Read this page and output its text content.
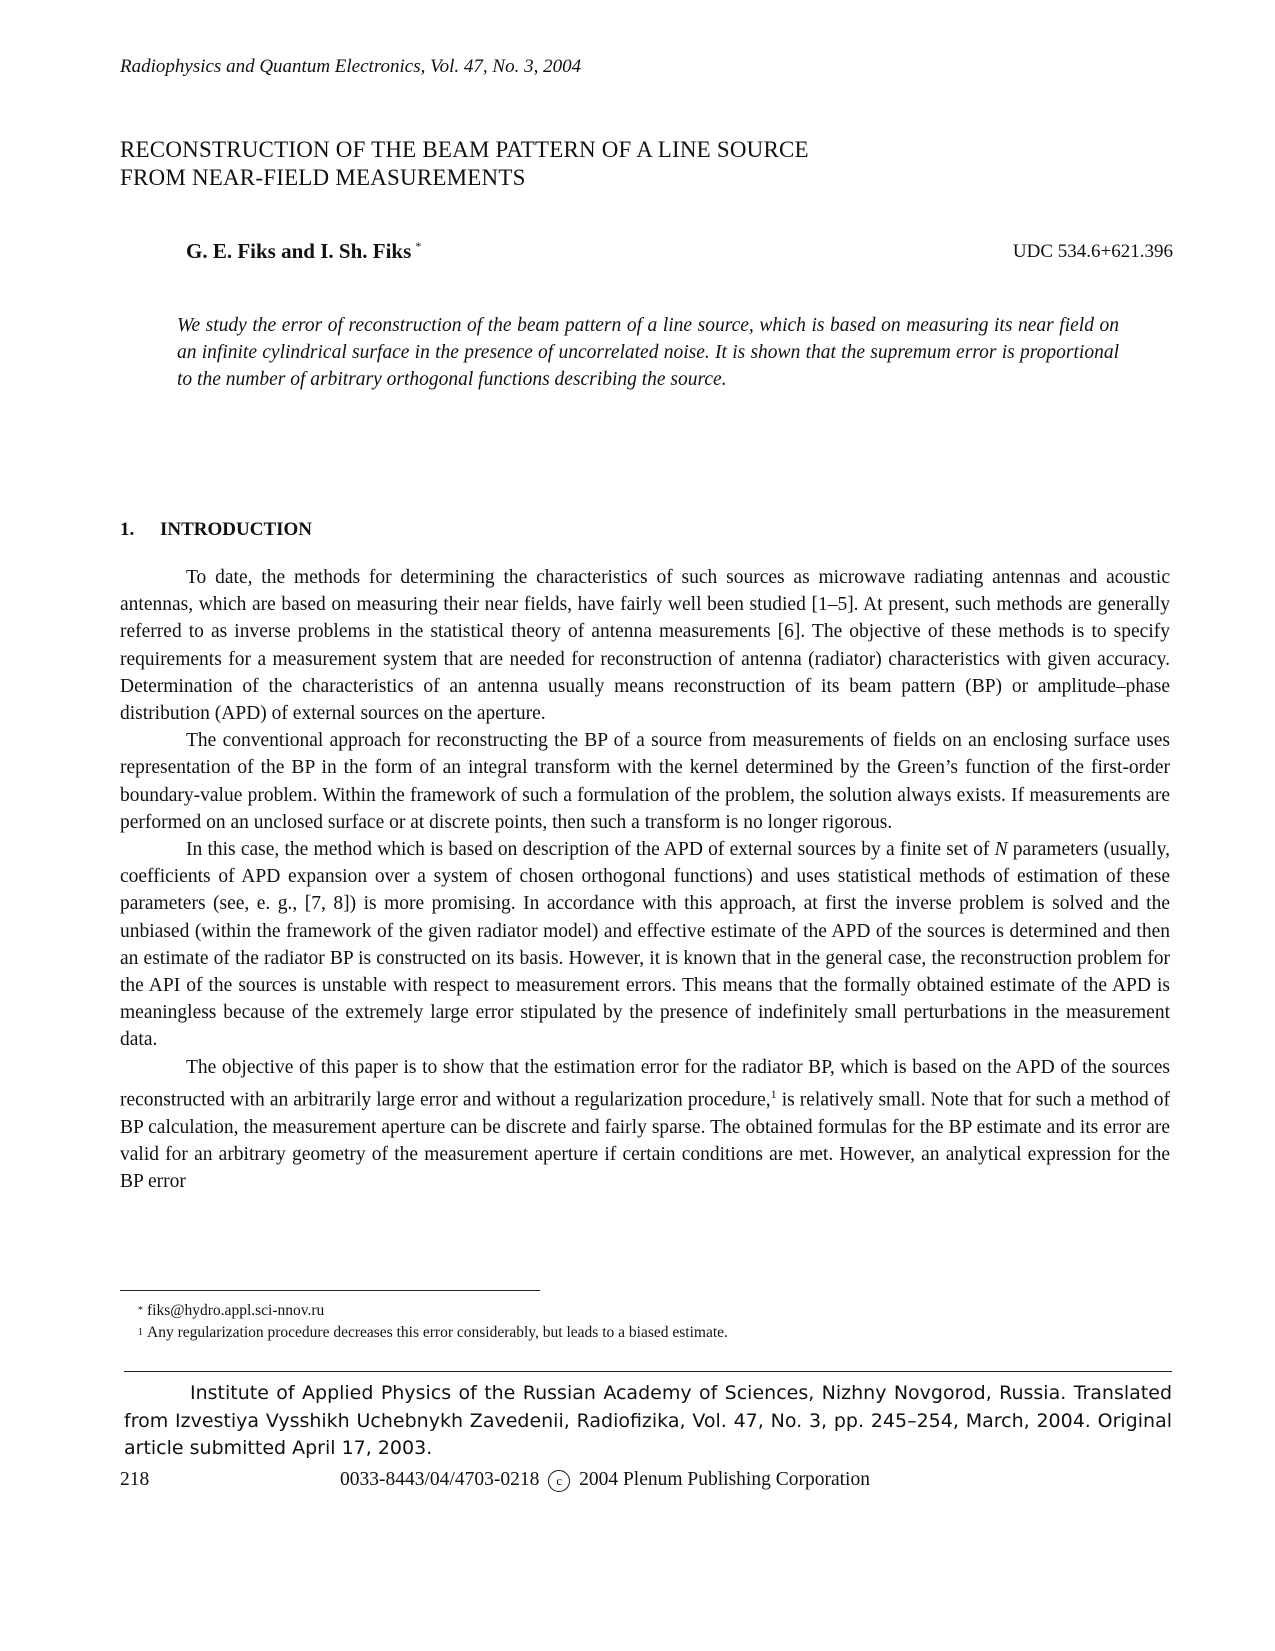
Radiophysics and Quantum Electronics, Vol. 47, No. 3, 2004
RECONSTRUCTION OF THE BEAM PATTERN OF A LINE SOURCE
FROM NEAR-FIELD MEASUREMENTS
G. E. Fiks and I. Sh. Fiks *	UDC 534.6+621.396
We study the error of reconstruction of the beam pattern of a line source, which is based on measuring its near field on an infinite cylindrical surface in the presence of uncorrelated noise. It is shown that the supremum error is proportional to the number of arbitrary orthogonal functions describing the source.
1. INTRODUCTION

To date, the methods for determining the characteristics of such sources as microwave radiating antennas and acoustic antennas, which are based on measuring their near fields, have fairly well been studied [1–5]. At present, such methods are generally referred to as inverse problems in the statistical theory of antenna measurements [6]. The objective of these methods is to specify requirements for a measurement system that are needed for reconstruction of antenna (radiator) characteristics with given accuracy. Determination of the characteristics of an antenna usually means reconstruction of its beam pattern (BP) or amplitude–phase distribution (APD) of external sources on the aperture.

The conventional approach for reconstructing the BP of a source from measurements of fields on an enclosing surface uses representation of the BP in the form of an integral transform with the kernel determined by the Green’s function of the first-order boundary-value problem. Within the framework of such a formulation of the problem, the solution always exists. If measurements are performed on an unclosed surface or at discrete points, then such a transform is no longer rigorous.

In this case, the method which is based on description of the APD of external sources by a finite set of N parameters (usually, coefficients of APD expansion over a system of chosen orthogonal functions) and uses statistical methods of estimation of these parameters (see, e. g., [7, 8]) is more promising. In accordance with this approach, at first the inverse problem is solved and the unbiased (within the framework of the given radiator model) and effective estimate of the APD of the sources is determined and then an estimate of the radiator BP is constructed on its basis. However, it is known that in the general case, the reconstruction problem for the API of the sources is unstable with respect to measurement errors. This means that the formally obtained estimate of the APD is meaningless because of the extremely large error stipulated by the presence of indefinitely small perturbations in the measurement data.

The objective of this paper is to show that the estimation error for the radiator BP, which is based on the APD of the sources reconstructed with an arbitrarily large error and without a regularization procedure,$^1$ is relatively small. Note that for such a method of BP calculation, the measurement aperture can be discrete and fairly sparse. The obtained formulas for the BP estimate and its error are valid for an arbitrary geometry of the measurement aperture if certain conditions are met. However, an analytical expression for the BP error

* fiks@hydro.appl.sci-nnov.ru
$^1$ Any regularization procedure decreases this error considerably, but leads to a biased estimate.

Institute of Applied Physics of the Russian Academy of Sciences, Nizhny Novgorod, Russia. Translated from Izvestiya Vysshikh Uchebnykh Zavedenii, Radiofizika, Vol. 47, No. 3, pp. 245–254, March, 2004. Original article submitted April 17, 2003.

218	0033-8443/04/4703-0218 c 2004 Plenum Publishing Corporation
